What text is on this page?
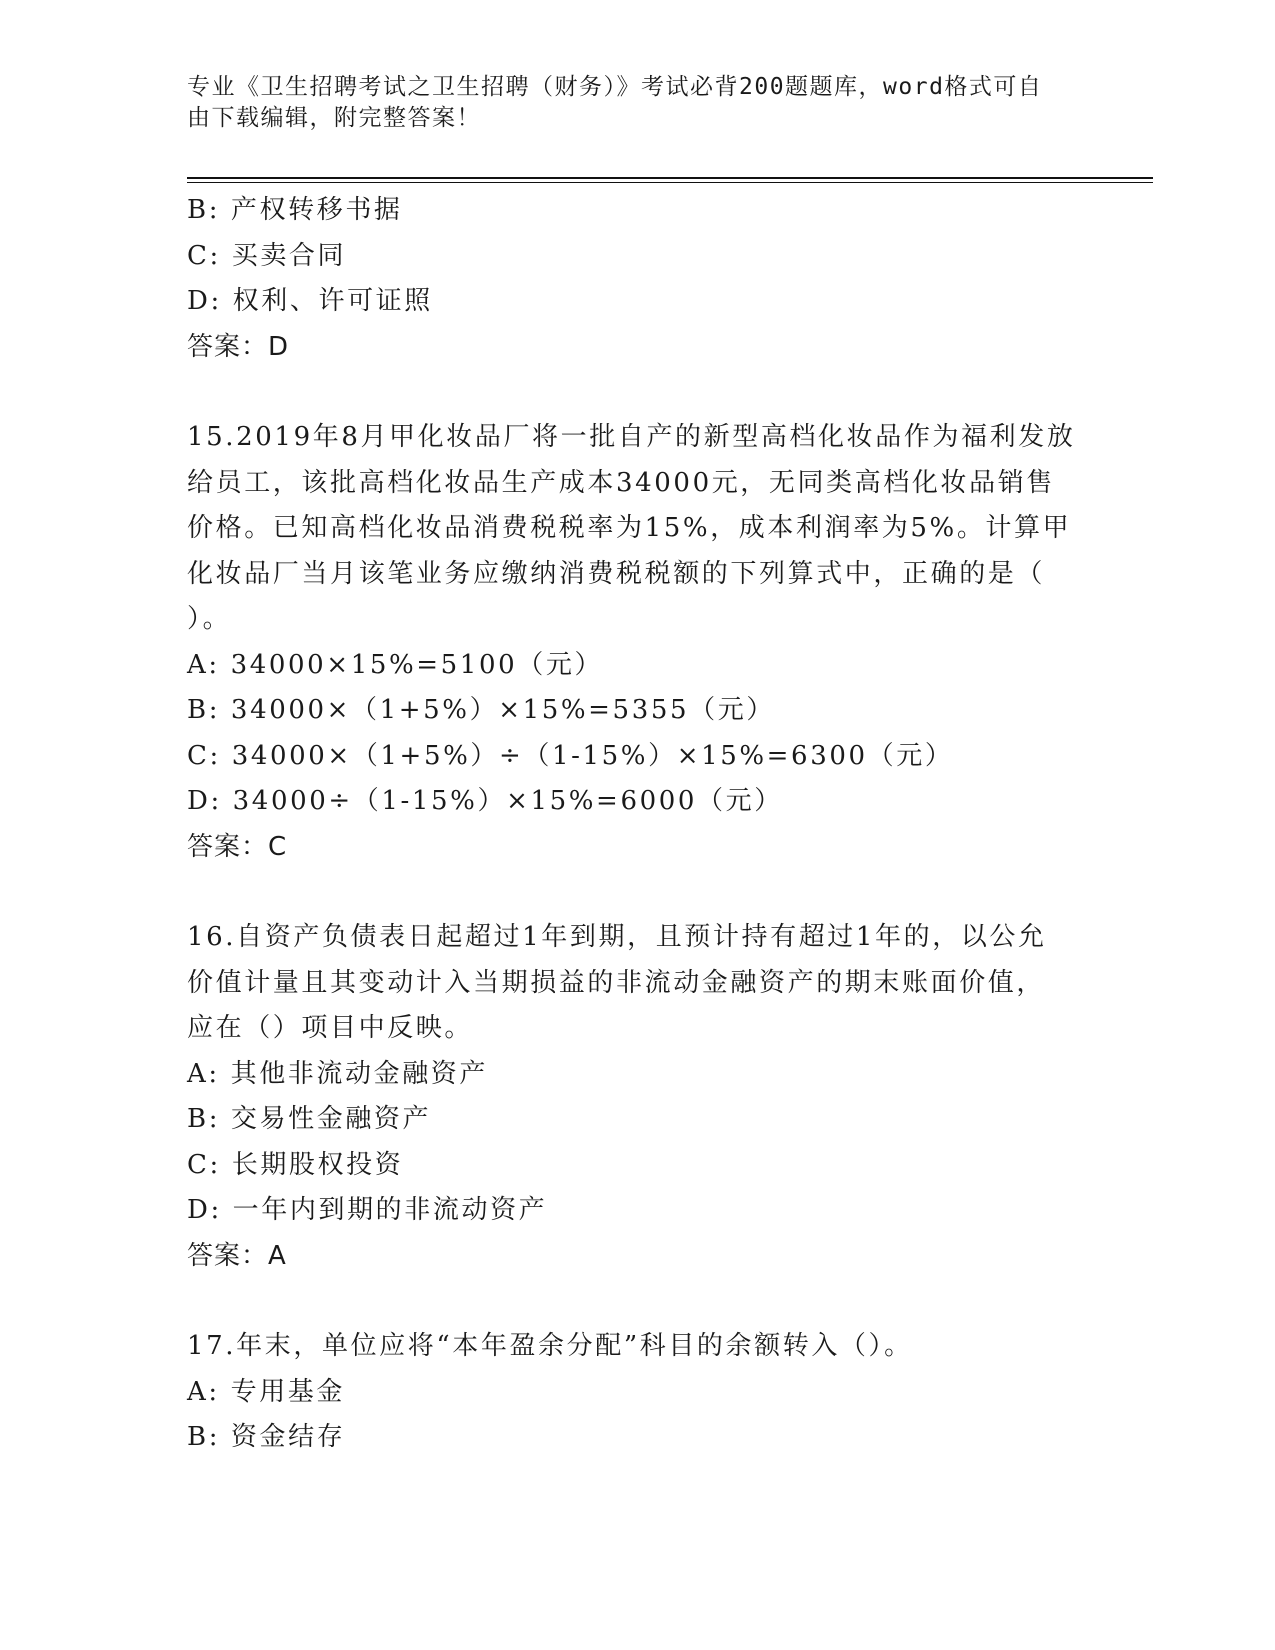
专业《卫生招聘考试之卫生招聘（财务）》考试必背200题题库，word格式可自
由下载编辑，附完整答案！
B: 产权转移书据
C: 买卖合同
D: 权利、许可证照
答案：D
15.2019年8月甲化妆品厂将一批自产的新型高档化妆品作为福利发放
给员工，该批高档化妆品生产成本34000元，无同类高档化妆品销售
价格。已知高档化妆品消费税税率为15%，成本利润率为5%。计算甲
化妆品厂当月该笔业务应缴纳消费税税额的下列算式中，正确的是（
）。
A: 34000×15%=5100（元）
B: 34000×（1+5%）×15%=5355（元）
C: 34000×（1+5%）÷（1-15%）×15%=6300（元）
D: 34000÷（1-15%）×15%=6000（元）
答案：C
16.自资产负债表日起超过1年到期，且预计持有超过1年的，以公允
价值计量且其变动计入当期损益的非流动金融资产的期末账面价值，
应在（）项目中反映。
A: 其他非流动金融资产
B: 交易性金融资产
C: 长期股权投资
D: 一年内到期的非流动资产
答案：A
17.年末，单位应将“本年盈余分配”科目的余额转入（）。
A: 专用基金
B: 资金结存
